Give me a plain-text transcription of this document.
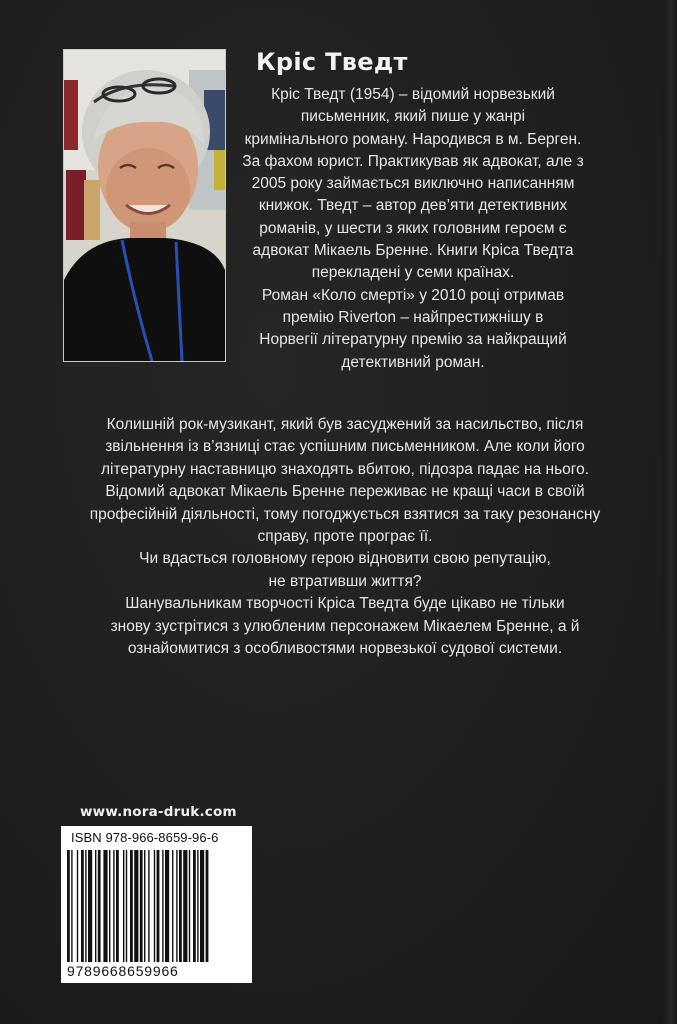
Кріс Тведт

Кріс Тведт (1954) – відомий норвезький

письменник, який пише у жанрі

кримінального роману. Народився в м. Берген.

За фахом юрист. Практикував як адвокат, але з

2005 року займається виключно написанням

книжок. Тведт – автор дев’яти детективних

романів, у шести з яких головним героєм є

адвокат Мікаель Бренне. Книги Кріса Тведта

перекладені у семи країнах.

Роман «Коло смерті» у 2010 році отримав

премію Riverton – найпрестижнішу в

Норвегії літературну премію за найкращий

детективний роман.

Колишній рок-музикант, який був засуджений за насильство, після

звільнення із в’язниці стає успішним письменником. Але коли його

літературну наставницю знаходять вбитою, підозра падає на нього.

Відомий адвокат Мікаель Бренне переживає не кращі часи в своїй

професійній діяльності, тому погоджується взятися за таку резонансну

справу, проте програє її.

Чи вдасться головному герою відновити свою репутацію,

не втративши життя?

Шанувальникам творчості Кріса Тведта буде цікаво не тільки

знову зустрітися з улюбленим персонажем Мікаелем Бренне, а й

ознайомитися з особливостями норвезької судової системи.

www.nora-druk.com
ISBN 978-966-8659-96-6
9789668659966
